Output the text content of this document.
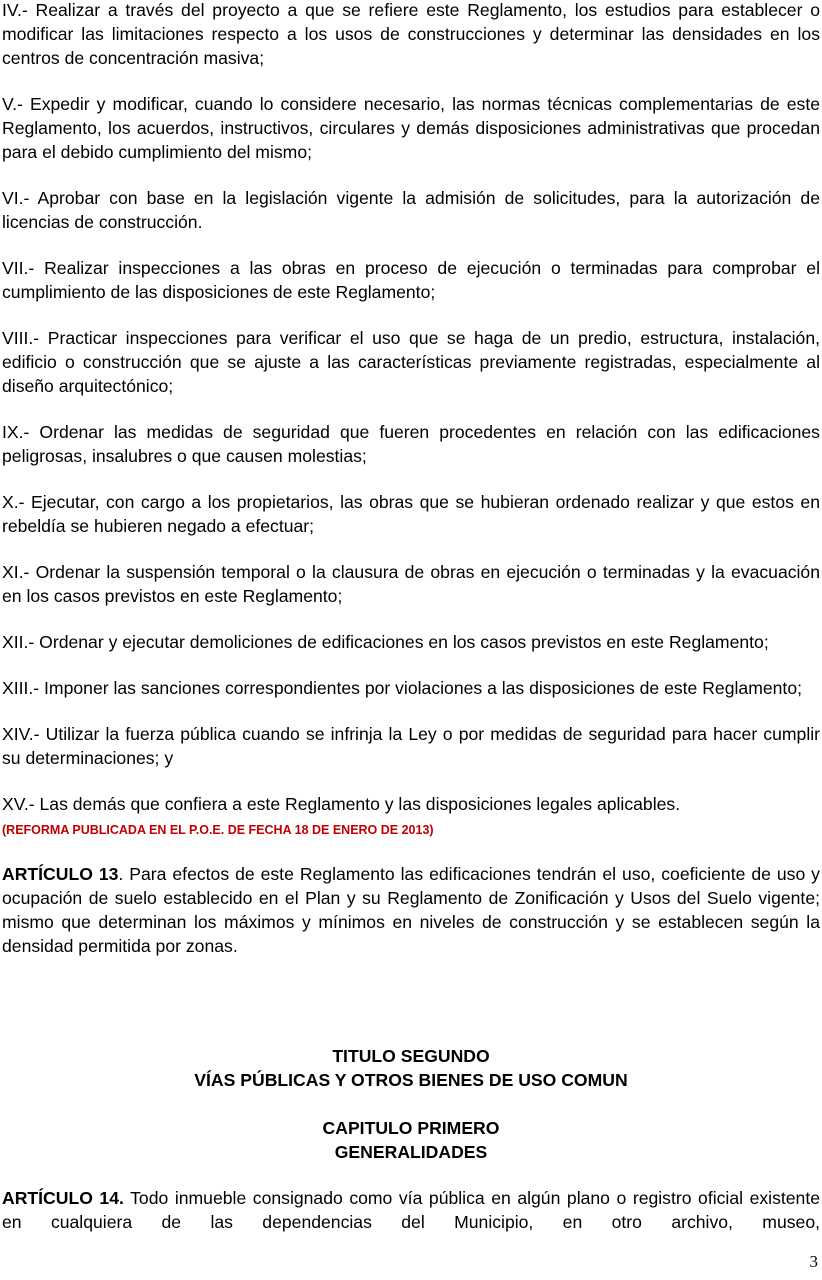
IV.- Realizar a través del proyecto a que se refiere este Reglamento, los estudios para establecer o modificar las limitaciones respecto a los usos de construcciones y determinar las densidades en los centros de concentración masiva;

V.- Expedir y modificar, cuando lo considere necesario, las normas técnicas complementarias de este Reglamento, los acuerdos, instructivos, circulares y demás disposiciones administrativas que procedan para el debido cumplimiento del mismo;

VI.- Aprobar con base en la legislación vigente la admisión de solicitudes, para la autorización de licencias de construcción.

VII.- Realizar inspecciones a las obras en proceso de ejecución o terminadas para comprobar el cumplimiento de las disposiciones de este Reglamento;

VIII.- Practicar inspecciones para verificar el uso que se haga de un predio, estructura, instalación, edificio o construcción que se ajuste a las características previamente registradas, especialmente al diseño arquitectónico;

IX.- Ordenar las medidas de seguridad que fueren procedentes en relación con las edificaciones peligrosas, insalubres o que causen molestias;

X.- Ejecutar, con cargo a los propietarios, las obras que se hubieran ordenado realizar y que estos en rebeldía se hubieren negado a efectuar;

XI.- Ordenar la suspensión temporal o la clausura de obras en ejecución o terminadas y la evacuación en los casos previstos en este Reglamento;

XII.- Ordenar y ejecutar demoliciones de edificaciones en los casos previstos en este Reglamento;

XIII.- Imponer las sanciones correspondientes por violaciones a las disposiciones de este Reglamento;

XIV.- Utilizar la fuerza pública cuando se infrinja la Ley o por medidas de seguridad para hacer cumplir su determinaciones; y

XV.- Las demás que confiera a este Reglamento y las disposiciones legales aplicables.

(REFORMA PUBLICADA EN EL P.O.E. DE FECHA 18 DE ENERO DE 2013)

ARTÍCULO 13. Para efectos de este Reglamento las edificaciones tendrán el uso, coeficiente de uso y ocupación de suelo establecido en el Plan y su Reglamento de Zonificación y Usos del Suelo vigente; mismo que determinan los máximos y mínimos en niveles de construcción y se establecen según la densidad permitida por zonas.

TITULO SEGUNDO
VÍAS PÚBLICAS Y OTROS BIENES DE USO COMUN
CAPITULO PRIMERO
GENERALIDADES

ARTÍCULO 14. Todo inmueble consignado como vía pública en algún plano o registro oficial existente en cualquiera de las dependencias del Municipio, en otro archivo, museo,

3
